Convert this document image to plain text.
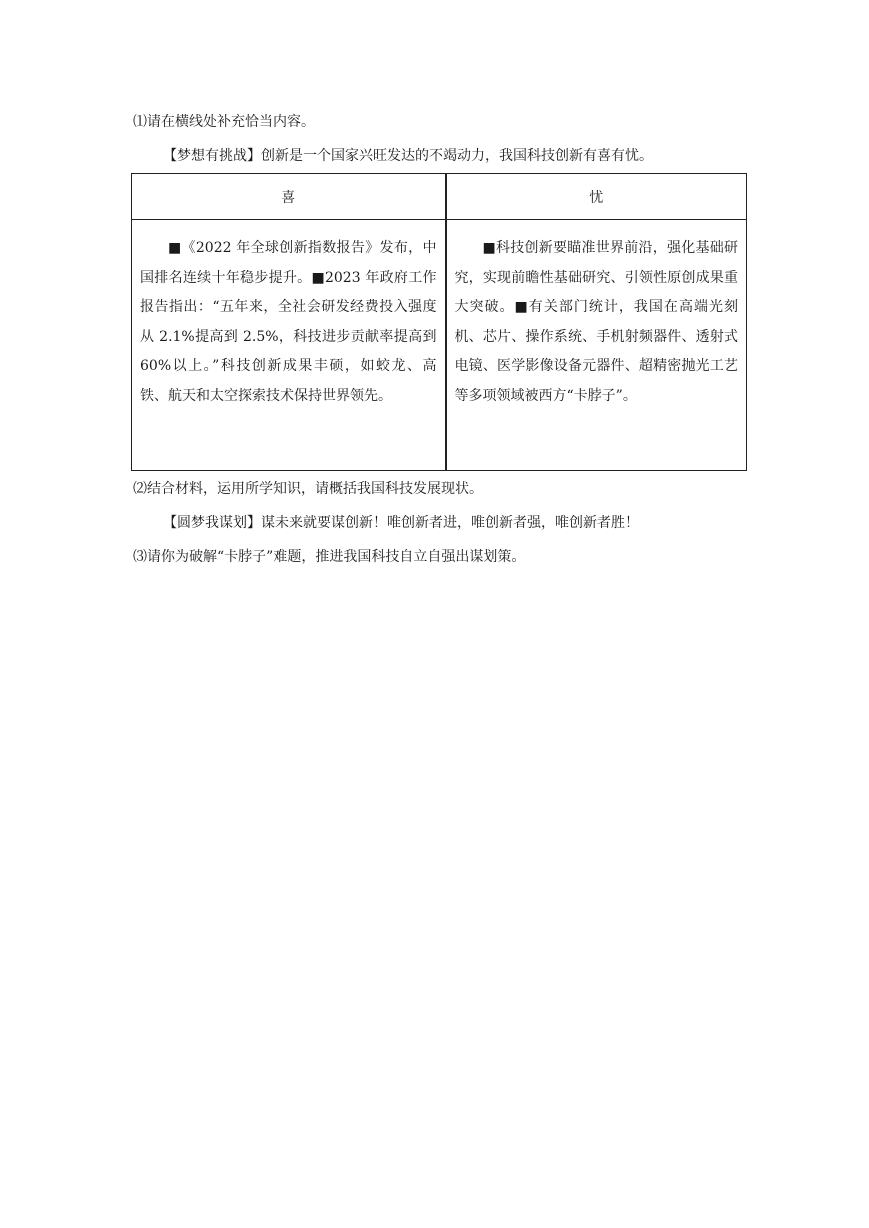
⑴请在横线处补充恰当内容。
【梦想有挑战】创新是一个国家兴旺发达的不竭动力，我国科技创新有喜有忧。
喜	忧

■《2022 年全球创新指数报告》发布，中国排名连续十年稳步提升。■2023 年政府工作报告指出：“五年来，全社会研发经费投入强度从 2.1%提高到 2.5%，科技进步贡献率提高到 60%以上。”科技创新成果丰硕，如蛟龙、高铁、航天和太空探索技术保持世界领先。	■科技创新要瞄准世界前沿，强化基础研究，实现前瞻性基础研究、引领性原创成果重大突破。■有关部门统计，我国在高端光刻机、芯片、操作系统、手机射频器件、透射式电镜、医学影像设备元器件、超精密抛光工艺等多项领域被西方“卡脖子”。
⑵结合材料，运用所学知识，请概括我国科技发展现状。
【圆梦我谋划】谋未来就要谋创新！唯创新者进，唯创新者强，唯创新者胜！
⑶请你为破解“卡脖子”难题，推进我国科技自立自强出谋划策。
